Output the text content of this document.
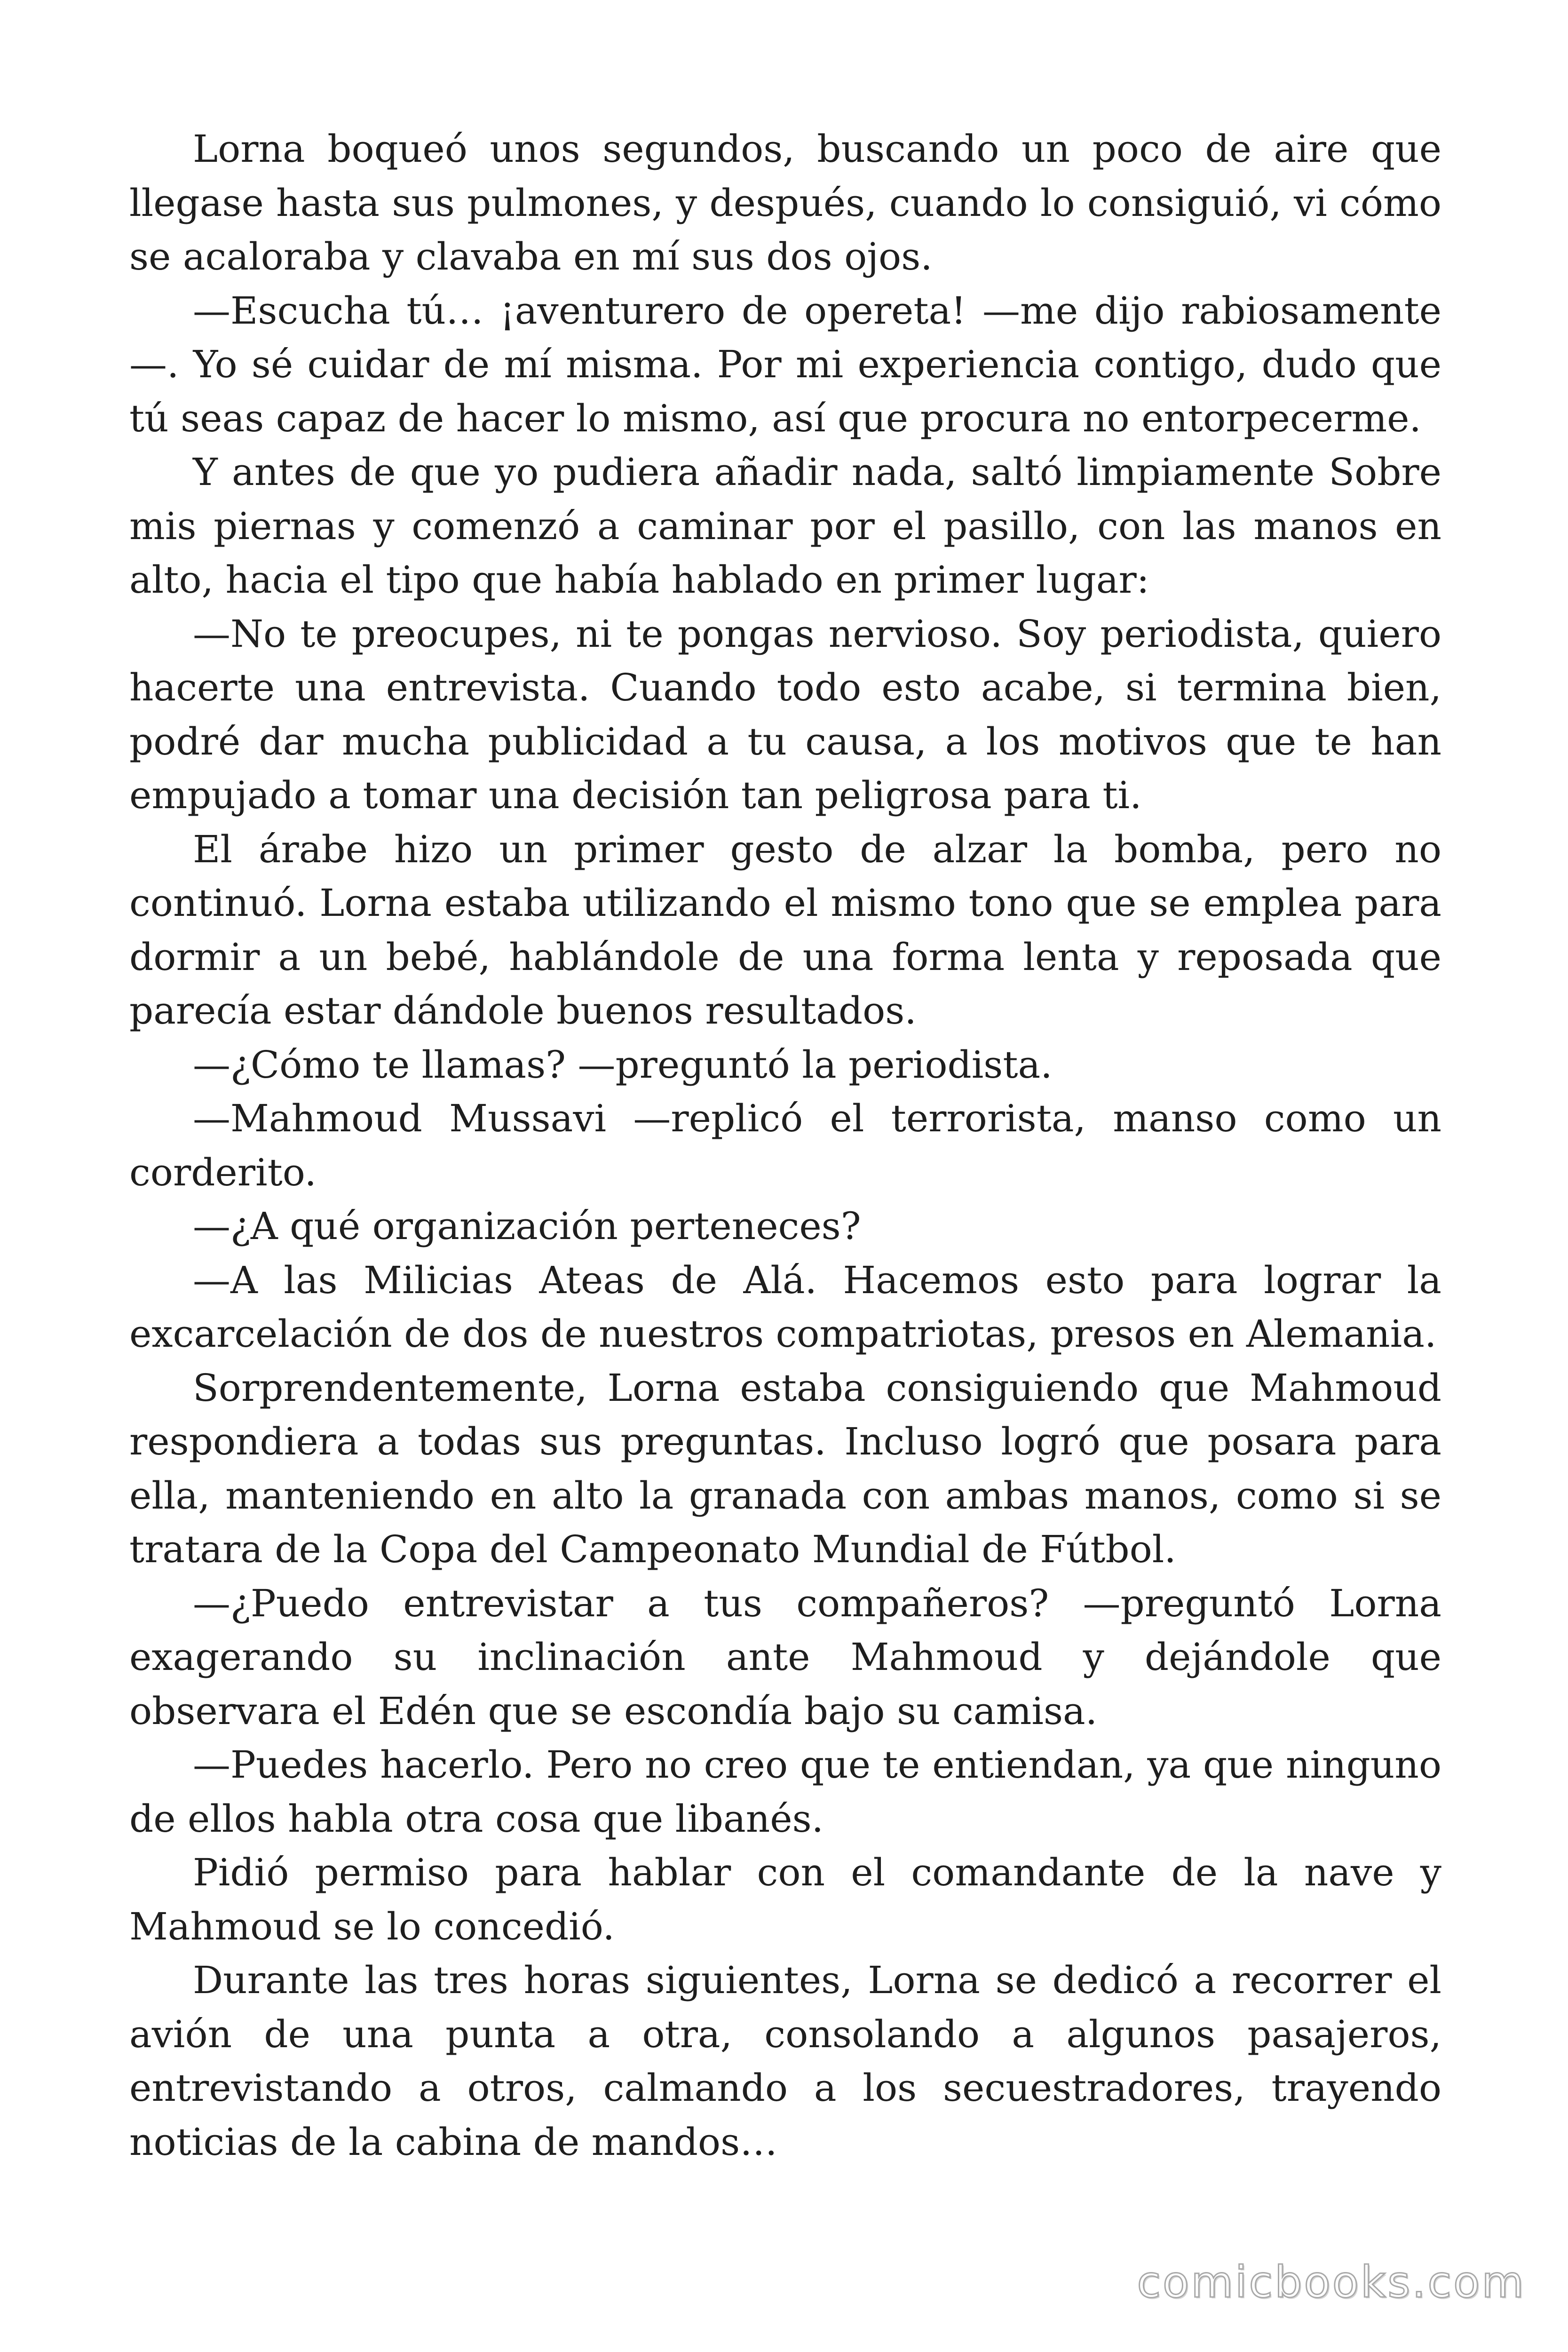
Lorna boqueó unos segundos, buscando un poco de aire que llegase hasta sus pulmones, y después, cuando lo consiguió, vi cómo se acaloraba y clavaba en mí sus dos ojos.

—Escucha tú… ¡aventurero de opereta! —me dijo rabiosamente —. Yo sé cuidar de mí misma. Por mi experiencia contigo, dudo que tú seas capaz de hacer lo mismo, así que procura no entorpecerme.

Y antes de que yo pudiera añadir nada, saltó limpiamente Sobre mis piernas y comenzó a caminar por el pasillo, con las manos en alto, hacia el tipo que había hablado en primer lugar:

—No te preocupes, ni te pongas nervioso. Soy periodista, quiero hacerte una entrevista. Cuando todo esto acabe, si termina bien, podré dar mucha publicidad a tu causa, a los motivos que te han empujado a tomar una decisión tan peligrosa para ti.

El árabe hizo un primer gesto de alzar la bomba, pero no continuó. Lorna estaba utilizando el mismo tono que se emplea para dormir a un bebé, hablándole de una forma lenta y reposada que parecía estar dándole buenos resultados.

—¿Cómo te llamas? —preguntó la periodista.

—Mahmoud Mussavi —replicó el terrorista, manso como un corderito.

—¿A qué organización perteneces?

—A las Milicias Ateas de Alá. Hacemos esto para lograr la excarcelación de dos de nuestros compatriotas, presos en Alemania.

Sorprendentemente, Lorna estaba consiguiendo que Mahmoud respondiera a todas sus preguntas. Incluso logró que posara para ella, manteniendo en alto la granada con ambas manos, como si se tratara de la Copa del Campeonato Mundial de Fútbol.

—¿Puedo entrevistar a tus compañeros? —preguntó Lorna exagerando su inclinación ante Mahmoud y dejándole que observara el Edén que se escondía bajo su camisa.

—Puedes hacerlo. Pero no creo que te entiendan, ya que ninguno de ellos habla otra cosa que libanés.

Pidió permiso para hablar con el comandante de la nave y Mahmoud se lo concedió.

Durante las tres horas siguientes, Lorna se dedicó a recorrer el avión de una punta a otra, consolando a algunos pasajeros, entrevistando a otros, calmando a los secuestradores, trayendo noticias de la cabina de mandos…

comicbooks.com
